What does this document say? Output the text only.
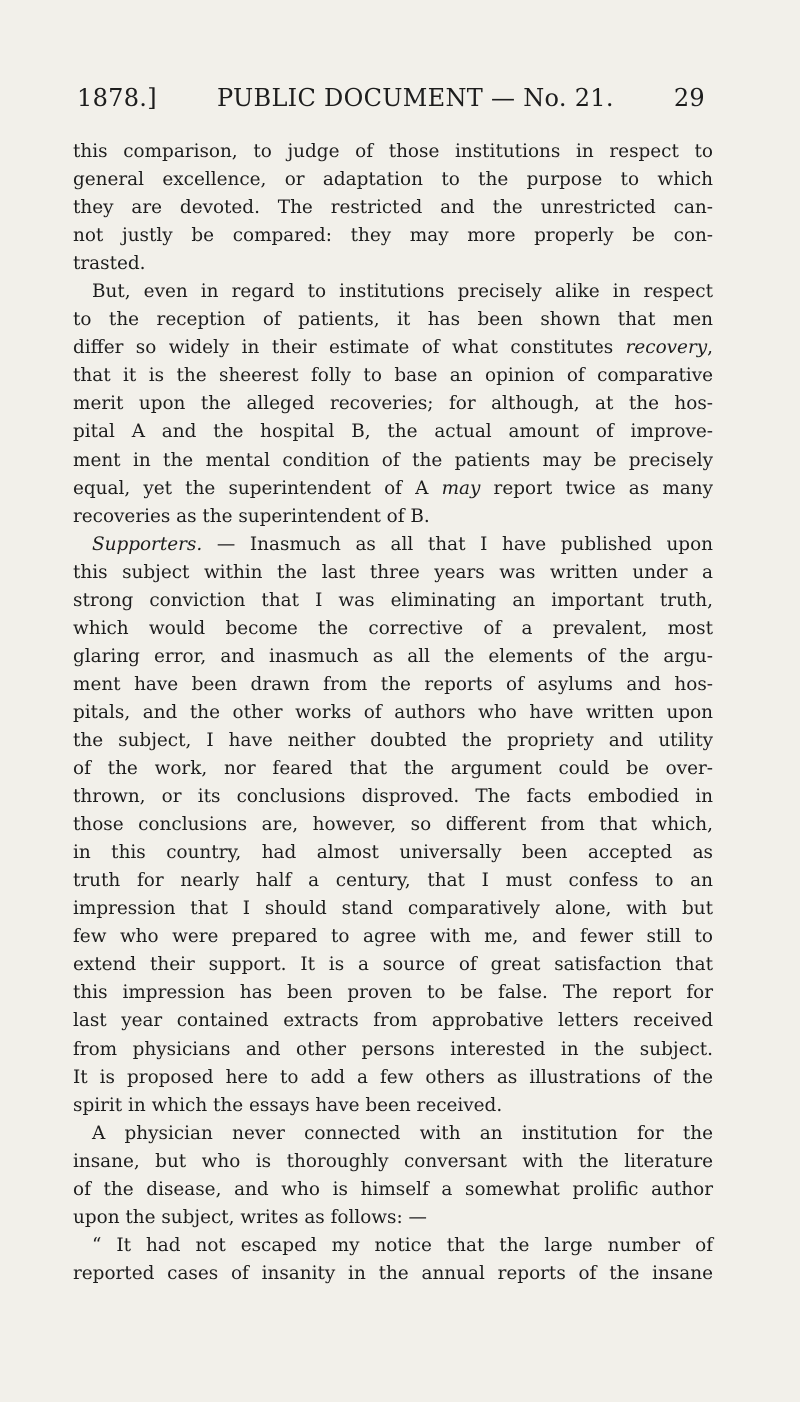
1878.]	PUBLIC DOCUMENT — No. 21.	29
this comparison, to judge of those institutions in respect to
general excellence, or adaptation to the purpose to which
they are devoted. The restricted and the unrestricted can-
not justly be compared: they may more properly be con-
trasted.
But, even in regard to institutions precisely alike in respect
to the reception of patients, it has been shown that men
differ so widely in their estimate of what constitutes recovery,
that it is the sheerest folly to base an opinion of comparative
merit upon the alleged recoveries; for although, at the hos-
pital A and the hospital B, the actual amount of improve-
ment in the mental condition of the patients may be precisely
equal, yet the superintendent of A may report twice as many
recoveries as the superintendent of B.
Supporters. — Inasmuch as all that I have published upon
this subject within the last three years was written under a
strong conviction that I was eliminating an important truth,
which would become the corrective of a prevalent, most
glaring error, and inasmuch as all the elements of the argu-
ment have been drawn from the reports of asylums and hos-
pitals, and the other works of authors who have written upon
the subject, I have neither doubted the propriety and utility
of the work, nor feared that the argument could be over-
thrown, or its conclusions disproved. The facts embodied in
those conclusions are, however, so different from that which,
in this country, had almost universally been accepted as
truth for nearly half a century, that I must confess to an
impression that I should stand comparatively alone, with but
few who were prepared to agree with me, and fewer still to
extend their support. It is a source of great satisfaction that
this impression has been proven to be false. The report for
last year contained extracts from approbative letters received
from physicians and other persons interested in the subject.
It is proposed here to add a few others as illustrations of the
spirit in which the essays have been received.
A physician never connected with an institution for the
insane, but who is thoroughly conversant with the literature
of the disease, and who is himself a somewhat prolific author
upon the subject, writes as follows: —
“ It had not escaped my notice that the large number of
reported cases of insanity in the annual reports of the insane
